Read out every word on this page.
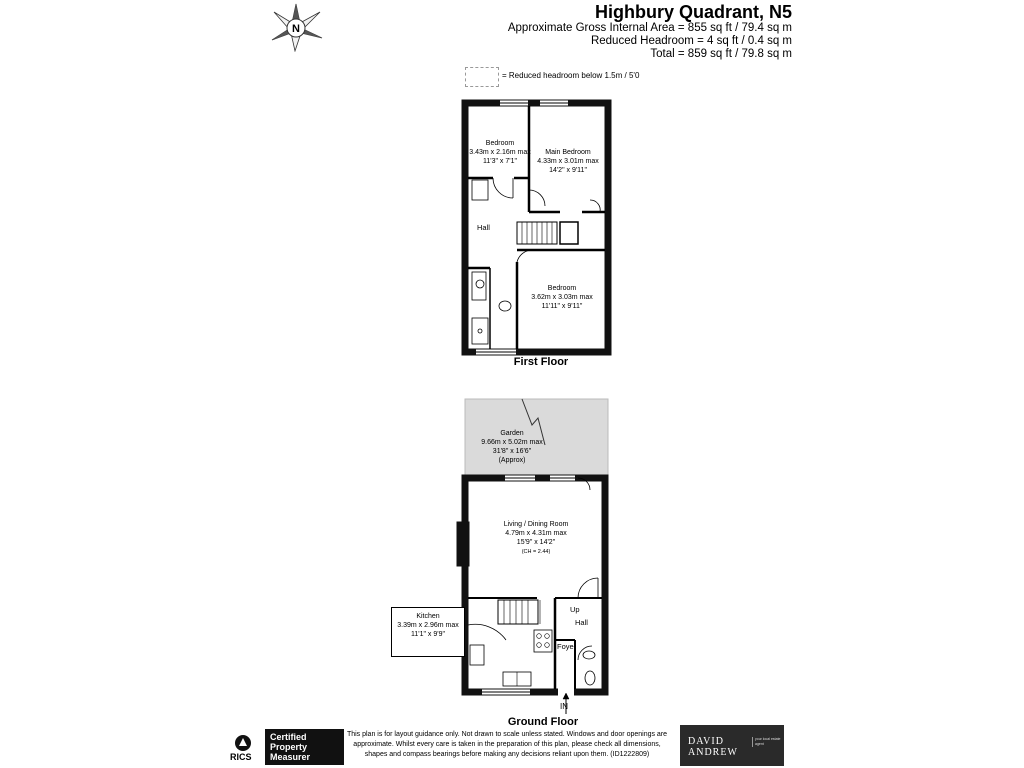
Highbury Quadrant, N5
Approximate Gross Internal Area = 855 sq ft / 79.4 sq m
Reduced Headroom = 4 sq ft / 0.4 sq m
Total = 859 sq ft / 79.8 sq m
N
= Reduced headroom below 1.5m / 5'0
Bedroom
3.43m x 2.16m max
11'3" x 7'1"
Main Bedroom
4.33m x 3.01m max
14'2" x 9'11"
Hall
Bedroom
3.62m x 3.03m max
11'11" x 9'11"
First Floor
Garden
9.66m x 5.02m max
31'8" x 16'6"
(Approx)
Living / Dining Room
4.79m x 4.31m max
15'9" x 14'2"
(CH = 2.44)
Kitchen
3.39m x 2.96m max
11'1" x 9'9"
Up
Hall
Foyer
IN
Ground Floor
RICS
Certified
Property
Measurer
This plan is for layout guidance only. Not drawn to scale unless stated. Windows and door openings are approximate. Whilst every care is taken in the preparation of this plan, please check all dimensions, shapes and compass bearings before making any decisions reliant upon them. (ID1222809)
DAVID
ANDREW
your local estate agent
